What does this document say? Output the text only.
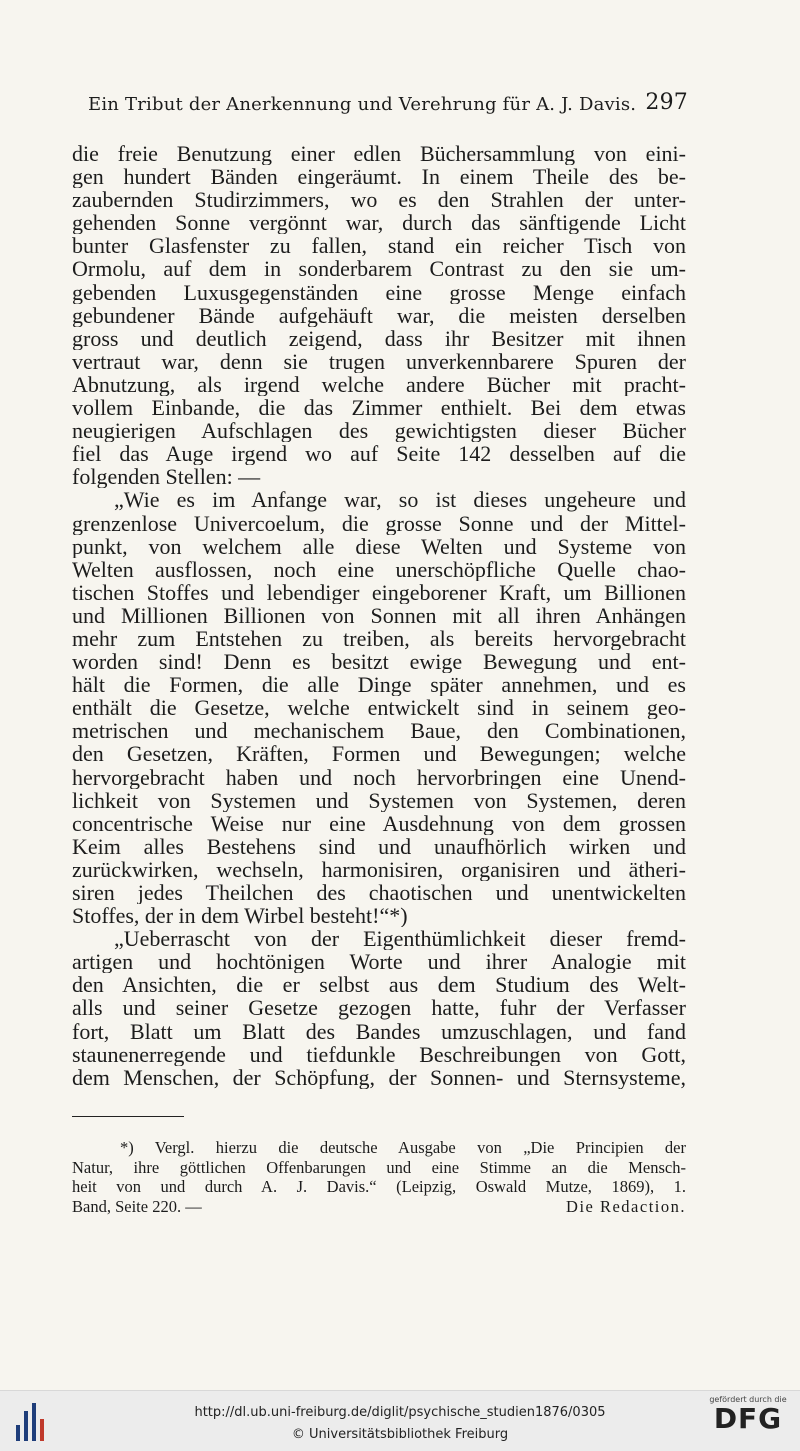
Ein Tribut der Anerkennung und Verehrung für A. J. Davis. 297
die freie Benutzung einer edlen Büchersammlung von eini-
gen hundert Bänden eingeräumt. In einem Theile des be-
zaubernden Studirzimmers, wo es den Strahlen der unter-
gehenden Sonne vergönnt war, durch das sänftigende Licht
bunter Glasfenster zu fallen, stand ein reicher Tisch von
Ormolu, auf dem in sonderbarem Contrast zu den sie um-
gebenden Luxusgegenständen eine grosse Menge einfach
gebundener Bände aufgehäuft war, die meisten derselben
gross und deutlich zeigend, dass ihr Besitzer mit ihnen
vertraut war, denn sie trugen unverkennbarere Spuren der
Abnutzung, als irgend welche andere Bücher mit pracht-
vollem Einbande, die das Zimmer enthielt. Bei dem etwas
neugierigen Aufschlagen des gewichtigsten dieser Bücher
fiel das Auge irgend wo auf Seite 142 desselben auf die
folgenden Stellen: —
„Wie es im Anfange war, so ist dieses ungeheure und
grenzenlose Univercoelum, die grosse Sonne und der Mittel-
punkt, von welchem alle diese Welten und Systeme von
Welten ausflossen, noch eine unerschöpfliche Quelle chao-
tischen Stoffes und lebendiger eingeborener Kraft, um Billionen
und Millionen Billionen von Sonnen mit all ihren Anhängen
mehr zum Entstehen zu treiben, als bereits hervorgebracht
worden sind! Denn es besitzt ewige Bewegung und ent-
hält die Formen, die alle Dinge später annehmen, und es
enthält die Gesetze, welche entwickelt sind in seinem geo-
metrischen und mechanischem Baue, den Combinationen,
den Gesetzen, Kräften, Formen und Bewegungen; welche
hervorgebracht haben und noch hervorbringen eine Unend-
lichkeit von Systemen und Systemen von Systemen, deren
concentrische Weise nur eine Ausdehnung von dem grossen
Keim alles Bestehens sind und unaufhörlich wirken und
zurückwirken, wechseln, harmonisiren, organisiren und ätheri-
siren jedes Theilchen des chaotischen und unentwickelten
Stoffes, der in dem Wirbel besteht!“*)
„Ueberrascht von der Eigenthümlichkeit dieser fremd-
artigen und hochtönigen Worte und ihrer Analogie mit
den Ansichten, die er selbst aus dem Studium des Welt-
alls und seiner Gesetze gezogen hatte, fuhr der Verfasser
fort, Blatt um Blatt des Bandes umzuschlagen, und fand
staunenerregende und tiefdunkle Beschreibungen von Gott,
dem Menschen, der Schöpfung, der Sonnen- und Sternsysteme,
*) Vergl. hierzu die deutsche Ausgabe von „Die Principien der
Natur, ihre göttlichen Offenbarungen und eine Stimme an die Mensch-
heit von und durch A. J. Davis.“ (Leipzig, Oswald Mutze, 1869), 1.
Band, Seite 220. —	Die Redaction.
http://dl.ub.uni-freiburg.de/diglit/psychische_studien1876/0305
© Universitätsbibliothek Freiburg
gefördert durch die
DFG
